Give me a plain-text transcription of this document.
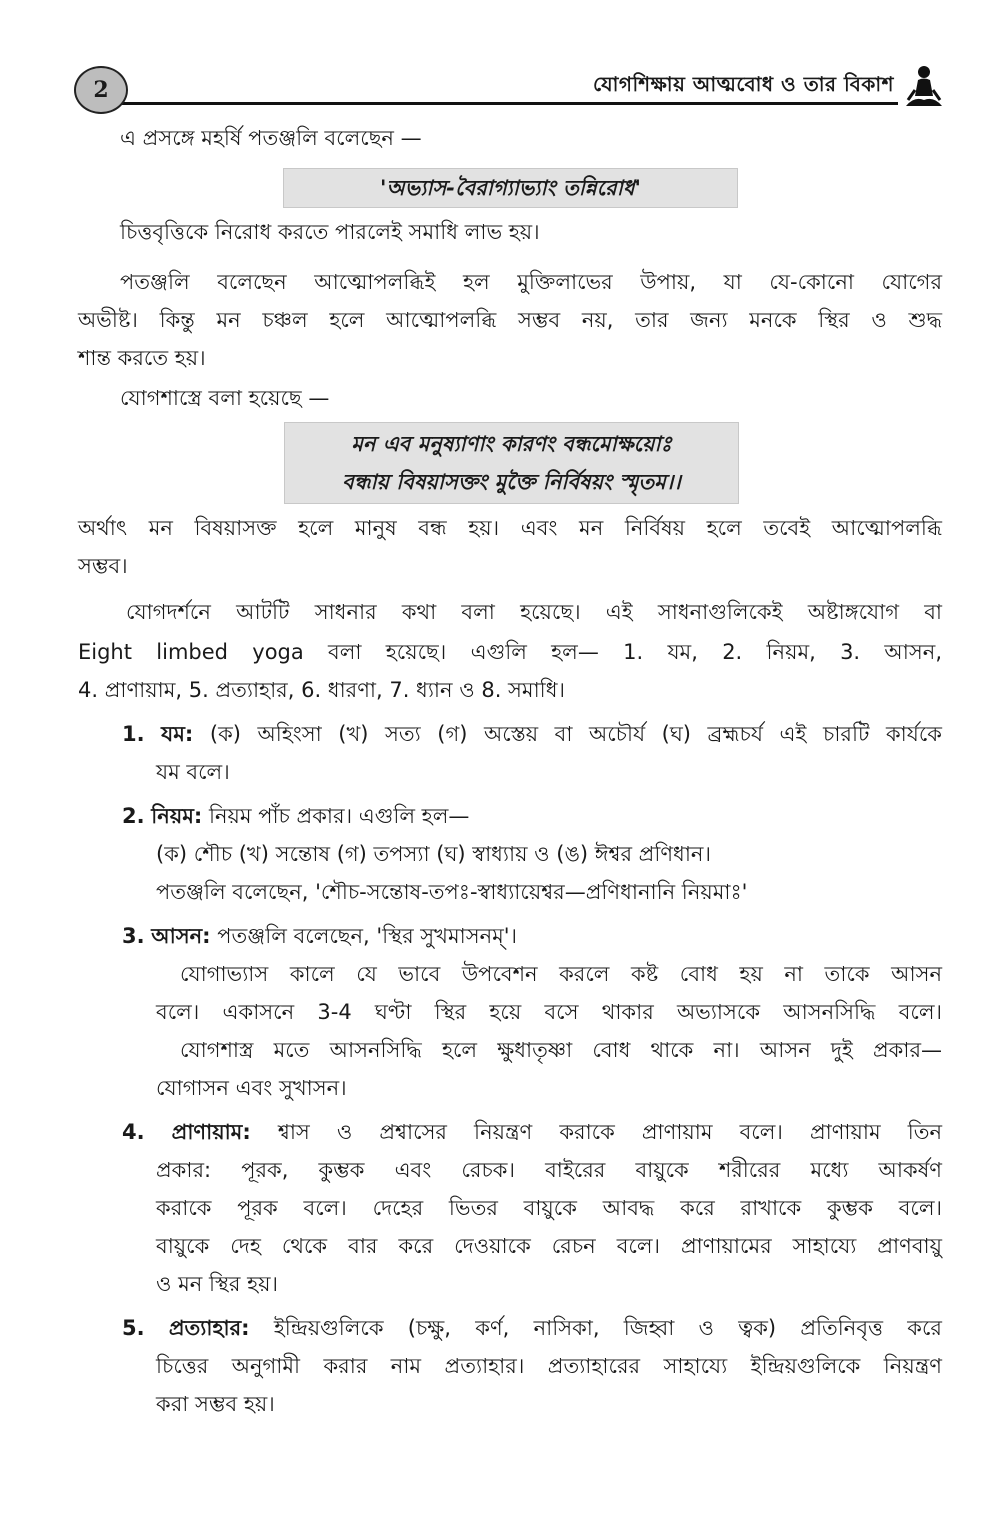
2	যোগশিক্ষায় আত্মবোধ ও তার বিকাশ
এ প্রসঙ্গে মহর্ষি পতঞ্জলি বলেছেন —
'অভ্যাস-বৈরাগ্যাভ্যাং তন্নিরোধ'
চিত্তবৃত্তিকে নিরোধ করতে পারলেই সমাধি লাভ হয়।
পতঞ্জলি বলেছেন আত্মোপলব্ধিই হল মুক্তিলাভের উপায়, যা যে-কোনো যোগের
অভীষ্ট। কিন্তু মন চঞ্চল হলে আত্মোপলব্ধি সম্ভব নয়, তার জন্য মনকে স্থির ও শুদ্ধ
শান্ত করতে হয়।
যোগশাস্ত্রে বলা হয়েছে —
মন এব মনুষ্যাণাং কারণং বন্ধমোক্ষয়োঃ
বন্ধায় বিষয়াসক্তং মুক্তৈ নির্বিষয়ং স্মৃতম।।
অর্থাৎ মন বিষয়াসক্ত হলে মানুষ বন্ধ হয়। এবং মন নির্বিষয় হলে তবেই আত্মোপলব্ধি
সম্ভব।
যোগদর্শনে আটটি সাধনার কথা বলা হয়েছে। এই সাধনাগুলিকেই অষ্টাঙ্গযোগ বা
Eight limbed yoga বলা হয়েছে। এগুলি হল— 1. যম, 2. নিয়ম, 3. আসন,
4. প্রাণায়াম, 5. প্রত্যাহার, 6. ধারণা, 7. ধ্যান ও 8. সমাধি।
1. যম: (ক) অহিংসা (খ) সত্য (গ) অস্তেয় বা অচৌর্য (ঘ) ব্রহ্মচর্য এই চারটি কার্যকে
যম বলে।
2. নিয়ম: নিয়ম পাঁচ প্রকার। এগুলি হল—
(ক) শৌচ (খ) সন্তোষ (গ) তপস্যা (ঘ) স্বাধ্যায় ও (ঙ) ঈশ্বর প্রণিধান।
পতঞ্জলি বলেছেন, 'শৌচ-সন্তোষ-তপঃ-স্বাধ্যায়েশ্বর—প্রণিধানানি নিয়মাঃ'
3. আসন: পতঞ্জলি বলেছেন, 'স্থির সুখমাসনম্'।
যোগাভ্যাস কালে যে ভাবে উপবেশন করলে কষ্ট বোধ হয় না তাকে আসন
বলে। একাসনে 3-4 ঘণ্টা স্থির হয়ে বসে থাকার অভ্যাসকে আসনসিদ্ধি বলে।
যোগশাস্ত্র মতে আসনসিদ্ধি হলে ক্ষুধাতৃষ্ণা বোধ থাকে না। আসন দুই প্রকার—
যোগাসন এবং সুখাসন।
4. প্রাণায়াম: শ্বাস ও প্রশ্বাসের নিয়ন্ত্রণ করাকে প্রাণায়াম বলে। প্রাণায়াম তিন
প্রকার: পূরক, কুম্ভক এবং রেচক। বাইরের বায়ুকে শরীরের মধ্যে আকর্ষণ
করাকে পূরক বলে। দেহের ভিতর বায়ুকে আবদ্ধ করে রাখাকে কুম্ভক বলে।
বায়ুকে দেহ থেকে বার করে দেওয়াকে রেচন বলে। প্রাণায়ামের সাহায্যে প্রাণবায়ু
ও মন স্থির হয়।
5. প্রত্যাহার: ইন্দ্রিয়গুলিকে (চক্ষু, কর্ণ, নাসিকা, জিহ্বা ও ত্বক) প্রতিনিবৃত্ত করে
চিত্তের অনুগামী করার নাম প্রত্যাহার। প্রত্যাহারের সাহায্যে ইন্দ্রিয়গুলিকে নিয়ন্ত্রণ
করা সম্ভব হয়।
